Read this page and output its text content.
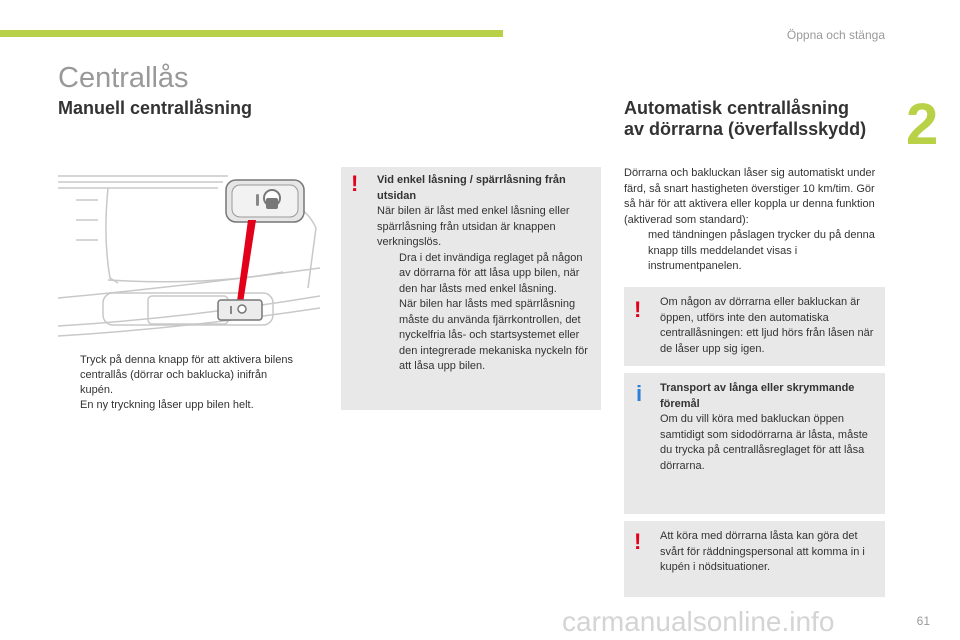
Öppna och stänga
2
Centrallås
Manuell centrallåsning	Automatisk centrallåsning
av dörrarna (överfallsskydd)
Tryck på denna knapp för att aktivera bilens centrallås (dörrar och baklucka) inifrån kupén.
En ny tryckning låser upp bilen helt.
! Vid enkel låsning / spärrlåsning från utsidan
När bilen är låst med enkel låsning eller spärrlåsning från utsidan är knappen verkningslös.
Dra i det invändiga reglaget på någon av dörrarna för att låsa upp bilen, när den har låsts med enkel låsning.
När bilen har låsts med spärrlåsning måste du använda fjärrkontrollen, det nyckelfria lås- och startsystemet eller den integrerade mekaniska nyckeln för att låsa upp bilen.
Dörrarna och bakluckan låser sig automatiskt under färd, så snart hastigheten överstiger 10 km/tim. Gör så här för att aktivera eller koppla ur denna funktion (aktiverad som standard):
med tändningen påslagen trycker du på denna knapp tills meddelandet visas i instrumentpanelen.
! Om någon av dörrarna eller bakluckan är öppen, utförs inte den automatiska centrallåsningen: ett ljud hörs från låsen när de låser upp sig igen.
i Transport av långa eller skrymmande föremål
Om du vill köra med bakluckan öppen samtidigt som sidodörrarna är låsta, måste du trycka på centrallåsreglaget för att låsa dörrarna.
! Att köra med dörrarna låsta kan göra det svårt för räddningspersonal att komma in i kupén i nödsituationer.
carmanualsonline.info	61
